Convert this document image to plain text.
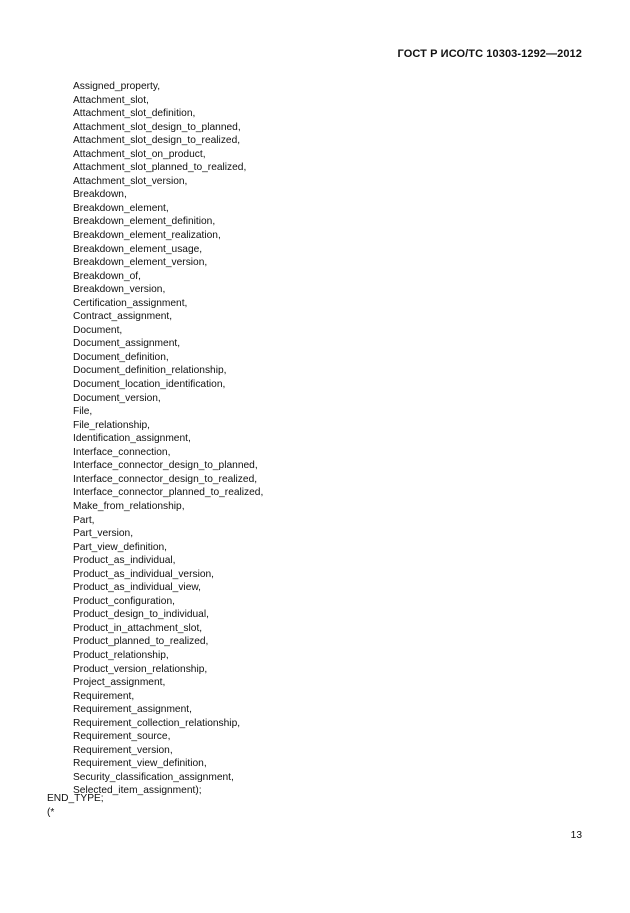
ГОСТ Р ИСО/ТС 10303-1292—2012
Assigned_property,
Attachment_slot,
Attachment_slot_definition,
Attachment_slot_design_to_planned,
Attachment_slot_design_to_realized,
Attachment_slot_on_product,
Attachment_slot_planned_to_realized,
Attachment_slot_version,
Breakdown,
Breakdown_element,
Breakdown_element_definition,
Breakdown_element_realization,
Breakdown_element_usage,
Breakdown_element_version,
Breakdown_of,
Breakdown_version,
Certification_assignment,
Contract_assignment,
Document,
Document_assignment,
Document_definition,
Document_definition_relationship,
Document_location_identification,
Document_version,
File,
File_relationship,
Identification_assignment,
Interface_connection,
Interface_connector_design_to_planned,
Interface_connector_design_to_realized,
Interface_connector_planned_to_realized,
Make_from_relationship,
Part,
Part_version,
Part_view_definition,
Product_as_individual,
Product_as_individual_version,
Product_as_individual_view,
Product_configuration,
Product_design_to_individual,
Product_in_attachment_slot,
Product_planned_to_realized,
Product_relationship,
Product_version_relationship,
Project_assignment,
Requirement,
Requirement_assignment,
Requirement_collection_relationship,
Requirement_source,
Requirement_version,
Requirement_view_definition,
Security_classification_assignment,
Selected_item_assignment);
END_TYPE;
(*
13
